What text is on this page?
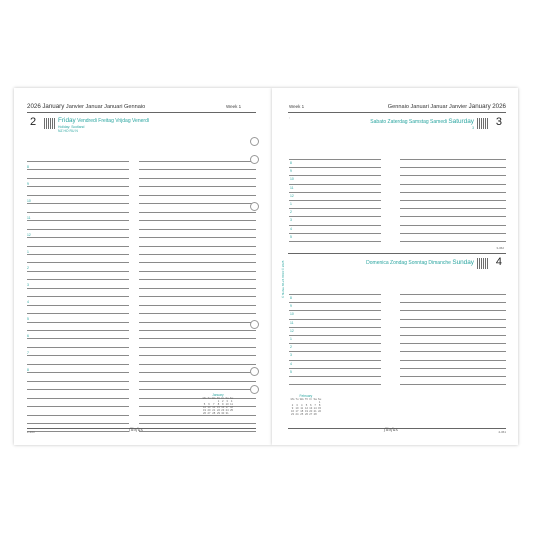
2026 January Janvier Januar Januari Gennaio	Week 1
2	Friday Vendredi Freitag Vrijdag Venerdì
Holiday: Scotland
NZ HO RU N
8
9
10
11
12
1
2
3
4
5
6
7
8
January
Mo	Tu	We	Th	Fr	Sa	Su
			1	2	3	4
5	6	7	8	9	10	11
12	13	14	15	16	17	18
19	20	21	22	23	24	25
26	27	28	29	30	31	
2-363	filofax
Week 1	Gennaio Januari Januar Janvier January 2026
◦
Sabato Zaterdag Samstag Samedi Saturday
3 3
8
9
10
11
12
1
2
3
4
5
3-362
Domenica Zondag Sonntag Dimanche Sunday 4
8
9
10
11
12
1
2
3
4
5
© filofax 68-24 8019 © 2025
February
Mo	Tu	We	Th	Fr	Sa	Su
						1
2	3	4	5	6	7	8
9	10	11	12	13	14	15
16	17	18	19	20	21	22
23	24	25	26	27	28	
filofax	4-361
